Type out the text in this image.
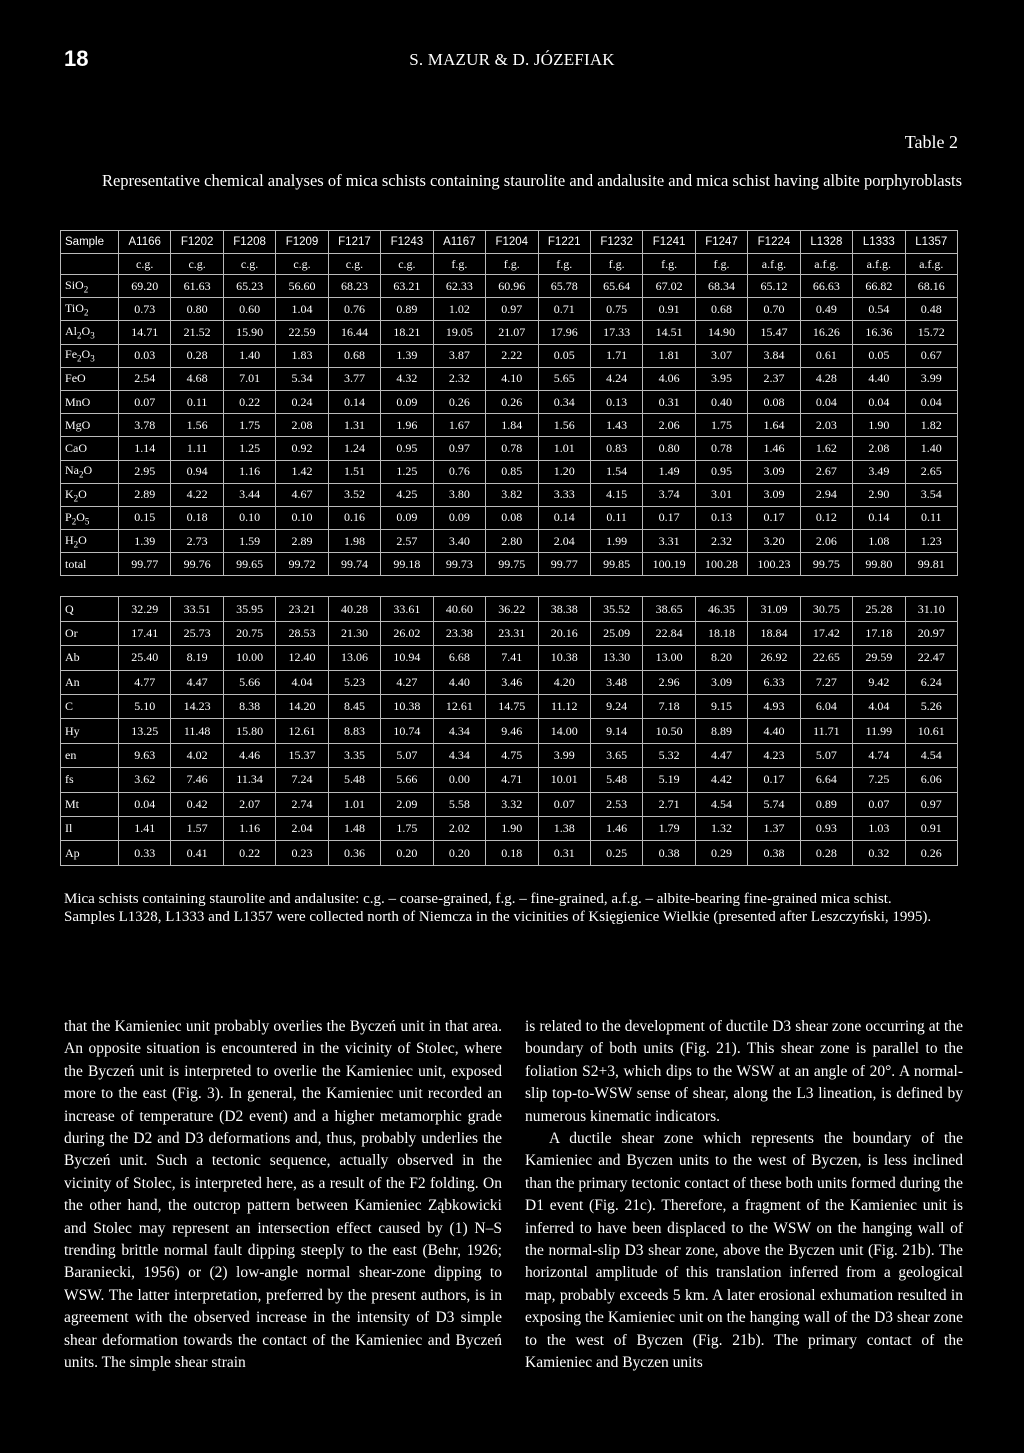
18	S. MAZUR & D. JÓZEFIAK
Table 2
Representative chemical analyses of mica schists containing staurolite and andalusite and mica schist having albite porphyroblasts
Sample	A1166	F1202	F1208	F1209	F1217	F1243	A1167	F1204	F1221	F1232	F1241	F1247	F1224	L1328	L1333	L1357
	c.g.	c.g.	c.g.	c.g.	c.g.	c.g.	f.g.	f.g.	f.g.	f.g.	f.g.	f.g.	a.f.g.	a.f.g.	a.f.g.	a.f.g.
SiO$_2$	69.20	61.63	65.23	56.60	68.23	63.21	62.33	60.96	65.78	65.64	67.02	68.34	65.12	66.63	66.82	68.16
TiO$_2$	0.73	0.80	0.60	1.04	0.76	0.89	1.02	0.97	0.71	0.75	0.91	0.68	0.70	0.49	0.54	0.48
$Al_2O_3$	14.71	21.52	15.90	22.59	16.44	18.21	19.05	21.07	17.96	17.33	14.51	14.90	15.47	16.26	16.36	15.72
$Fe_2O_3$	0.03	0.28	1.40	1.83	0.68	1.39	3.87	2.22	0.05	1.71	1.81	3.07	3.84	0.61	0.05	0.67
FeO	2.54	4.68	7.01	5.34	3.77	4.32	2.32	4.10	5.65	4.24	4.06	3.95	2.37	4.28	4.40	3.99
MnO	0.07	0.11	0.22	0.24	0.14	0.09	0.26	0.26	0.34	0.13	0.31	0.40	0.08	0.04	0.04	0.04
MgO	3.78	1.56	1.75	2.08	1.31	1.96	1.67	1.84	1.56	1.43	2.06	1.75	1.64	2.03	1.90	1.82
CaO	1.14	1.11	1.25	0.92	1.24	0.95	0.97	0.78	1.01	0.83	0.80	0.78	1.46	1.62	2.08	1.40
$Na_2O$	2.95	0.94	1.16	1.42	1.51	1.25	0.76	0.85	1.20	1.54	1.49	0.95	3.09	2.67	3.49	2.65
$K_2O$	2.89	4.22	3.44	4.67	3.52	4.25	3.80	3.82	3.33	4.15	3.74	3.01	3.09	2.94	2.90	3.54
$P_2O_5$	0.15	0.18	0.10	0.10	0.16	0.09	0.09	0.08	0.14	0.11	0.17	0.13	0.17	0.12	0.14	0.11
$H_2O$	1.39	2.73	1.59	2.89	1.98	2.57	3.40	2.80	2.04	1.99	3.31	2.32	3.20	2.06	1.08	1.23
total	99.77	99.76	99.65	99.72	99.74	99.18	99.73	99.75	99.77	99.85	100.19	100.28	100.23	99.75	99.80	99.81

Q	32.29	33.51	35.95	23.21	40.28	33.61	40.60	36.22	38.38	35.52	38.65	46.35	31.09	30.75	25.28	31.10
Or	17.41	25.73	20.75	28.53	21.30	26.02	23.38	23.31	20.16	25.09	22.84	18.18	18.84	17.42	17.18	20.97
Ab	25.40	8.19	10.00	12.40	13.06	10.94	6.68	7.41	10.38	13.30	13.00	8.20	26.92	22.65	29.59	22.47
An	4.77	4.47	5.66	4.04	5.23	4.27	4.40	3.46	4.20	3.48	2.96	3.09	6.33	7.27	9.42	6.24
C	5.10	14.23	8.38	14.20	8.45	10.38	12.61	14.75	11.12	9.24	7.18	9.15	4.93	6.04	4.04	5.26
Hy	13.25	11.48	15.80	12.61	8.83	10.74	4.34	9.46	14.00	9.14	10.50	8.89	4.40	11.71	11.99	10.61
en	9.63	4.02	4.46	15.37	3.35	5.07	4.34	4.75	3.99	3.65	5.32	4.47	4.23	5.07	4.74	4.54
fs	3.62	7.46	11.34	7.24	5.48	5.66	0.00	4.71	10.01	5.48	5.19	4.42	0.17	6.64	7.25	6.06
Mt	0.04	0.42	2.07	2.74	1.01	2.09	5.58	3.32	0.07	2.53	2.71	4.54	5.74	0.89	0.07	0.97
Il	1.41	1.57	1.16	2.04	1.48	1.75	2.02	1.90	1.38	1.46	1.79	1.32	1.37	0.93	1.03	0.91
Ap	0.33	0.41	0.22	0.23	0.36	0.20	0.20	0.18	0.31	0.25	0.38	0.29	0.38	0.28	0.32	0.26
Mica schists containing staurolite and andalusite: c.g. – coarse-grained, f.g. – fine-grained, a.f.g. – albite-bearing fine-grained mica schist.
Samples L1328, L1333 and L1357 were collected north of Niemcza in the vicinities of Księgienice Wielkie (presented after Leszczyński, 1995).

that the Kamieniec unit probably overlies the Byczeń unit in that area. An opposite situation is encountered in the vicinity of Stolec, where the Byczeń unit is interpreted to overlie the Kamieniec unit, exposed more to the east (Fig. 3). In general, the Kamieniec unit recorded an increase of temperature (D2 event) and a higher metamorphic grade during the D2 and D3 deformations and, thus, probably underlies the Byczeń unit. Such a tectonic sequence, actually observed in the vicinity of Stolec, is interpreted here, as a result of the F2 folding. On the other hand, the outcrop pattern between Kamieniec Ząbkowicki and Stolec may represent an intersection effect caused by (1) N–S trending brittle normal fault dipping steeply to the east (Behr, 1926; Baraniecki, 1956) or (2) low-angle normal shear-zone dipping to WSW. The latter interpretation, preferred by the present authors, is in agreement with the observed increase in the intensity of D3 simple shear deformation towards the contact of the Kamieniec and Byczeń units. The simple shear strain

is related to the development of ductile D3 shear zone occurring at the boundary of both units (Fig. 21). This shear zone is parallel to the foliation S2+3, which dips to the WSW at an angle of 20°. A normal-slip top-to-WSW sense of shear, along the L3 lineation, is defined by numerous kinematic indicators.

A ductile shear zone which represents the boundary of the Kamieniec and Byczen units to the west of Byczen, is less inclined than the primary tectonic contact of these both units formed during the D1 event (Fig. 21c). Therefore, a fragment of the Kamieniec unit is inferred to have been displaced to the WSW on the hanging wall of the normal-slip D3 shear zone, above the Byczen unit (Fig. 21b). The horizontal amplitude of this translation inferred from a geological map, probably exceeds 5 km. A later erosional exhumation resulted in exposing the Kamieniec unit on the hanging wall of the D3 shear zone to the west of Byczen (Fig. 21b). The primary contact of the Kamieniec and Byczen units
